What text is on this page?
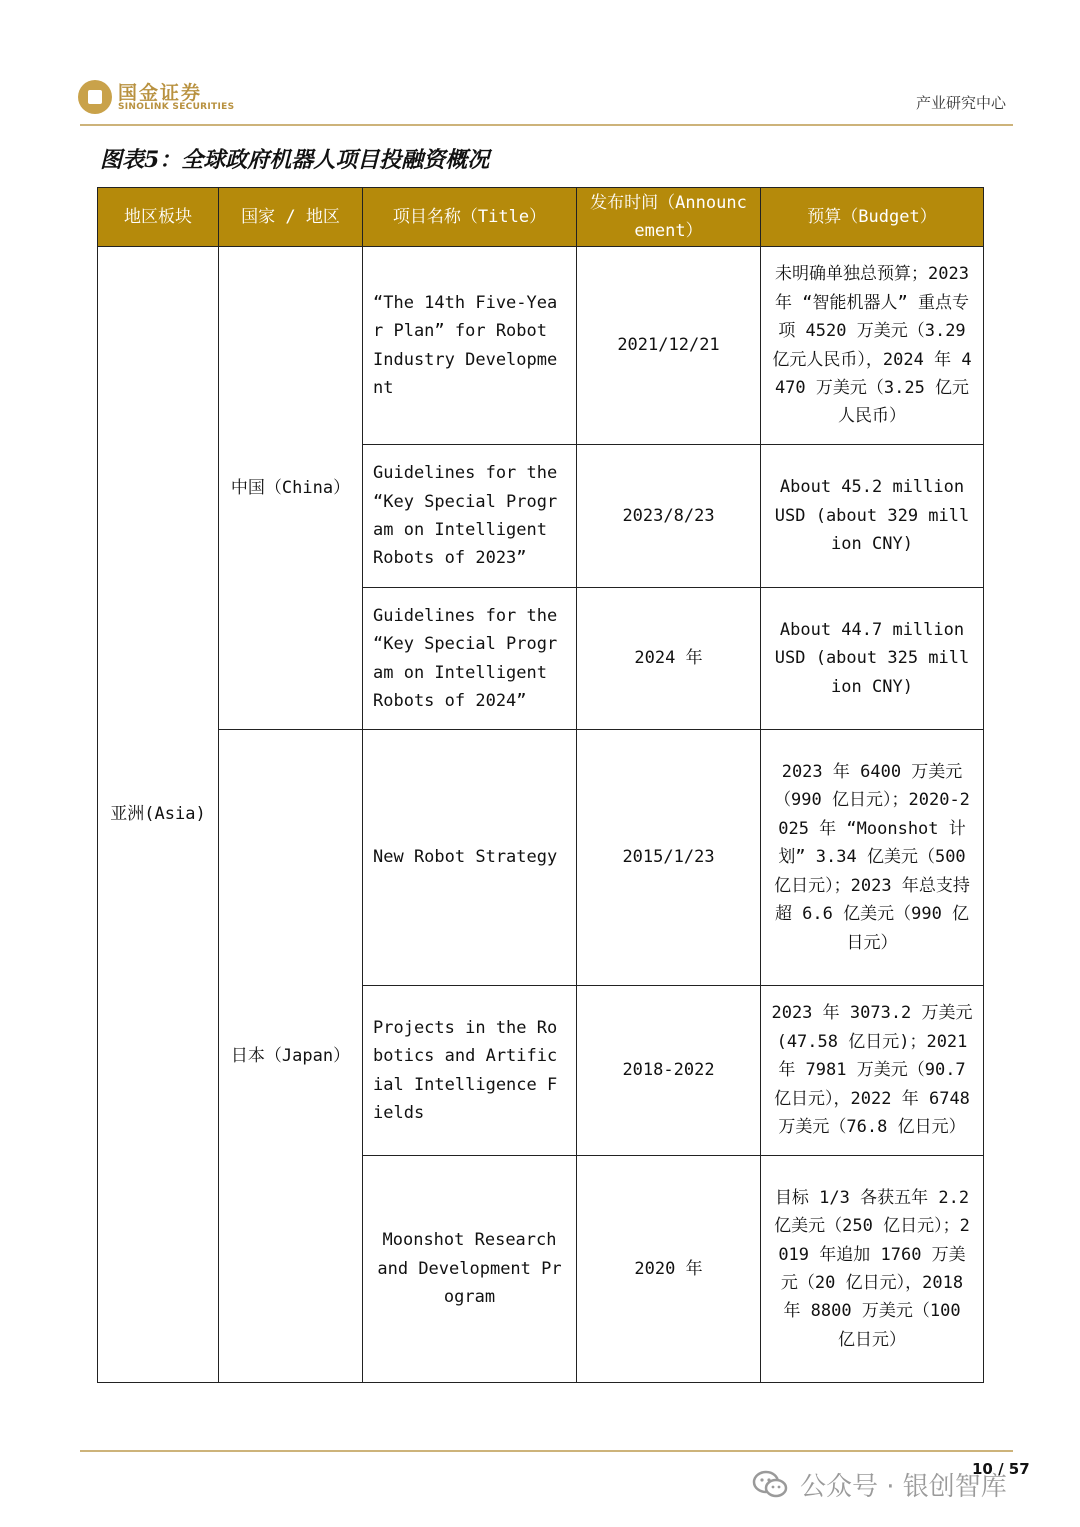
国金证券
SINOLINK SECURITIES	产业研究中心
图表5：全球政府机器人项目投融资概况
地区板块	国家 / 地区	项目名称（Title）	发布时间（Announcement）	预算（Budget）
亚洲(Asia)	中国（China）	“The 14th Five-Year Plan” for Robot Industry Development	2021/12/21	未明确单独总预算；2023 年 “智能机器人” 重点专项 4520 万美元（3.29 亿元人民币），2024 年 4470 万美元（3.25 亿元人民币）
		Guidelines for the “Key Special Program on Intelligent Robots of 2023”	2023/8/23	About 45.2 million USD (about 329 million CNY)
		Guidelines for the “Key Special Program on Intelligent Robots of 2024”	2024 年	About 44.7 million USD (about 325 million CNY)
	日本（Japan）	New Robot Strategy	2015/1/23	2023 年 6400 万美元（990 亿日元）；2020-2025 年 “Moonshot 计划” 3.34 亿美元（500 亿日元）；2023 年总支持超 6.6 亿美元（990 亿日元）
		Projects in the Robotics and Artificial Intelligence Fields	2018-2022	2023 年 3073.2 万美元(47.58 亿日元)；2021 年 7981 万美元（90.7 亿日元），2022 年 6748 万美元（76.8 亿日元）
		Moonshot Research and Development Program	2020 年	目标 1/3 各获五年 2.2 亿美元（250 亿日元）；2019 年追加 1760 万美元（20 亿日元），2018 年 8800 万美元（100 亿日元）
10 / 57
公众号 · 银创智库
